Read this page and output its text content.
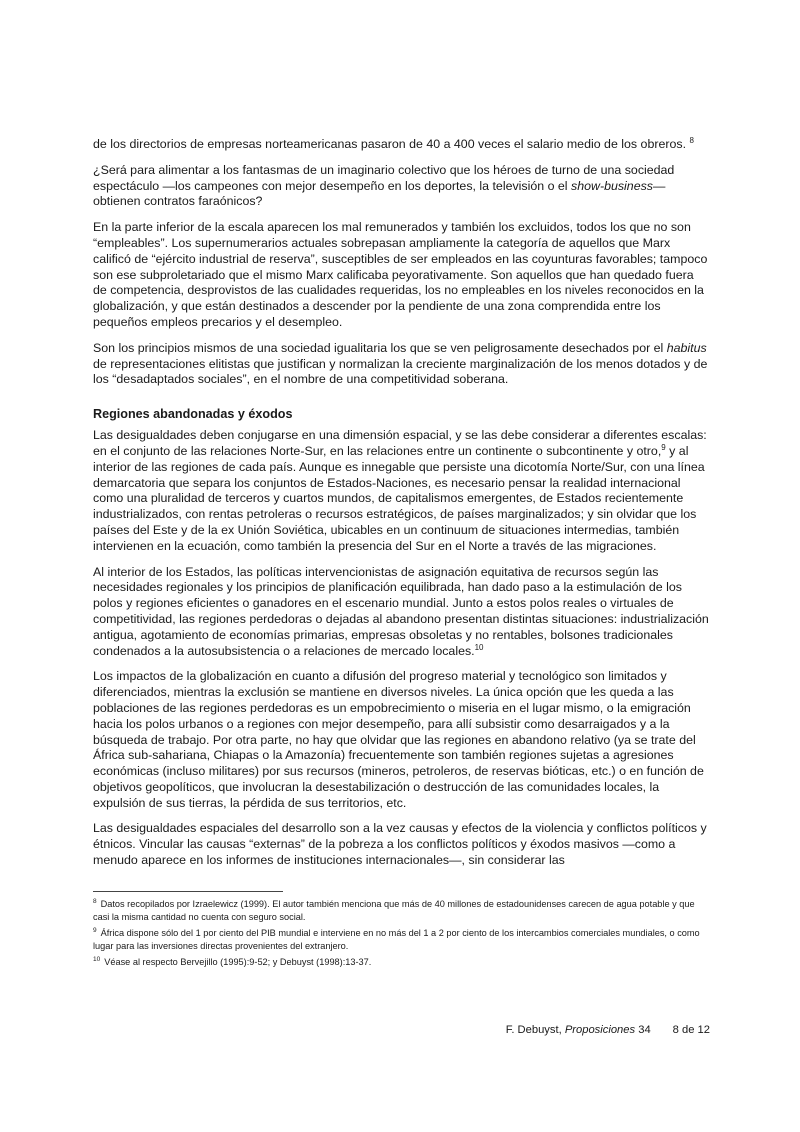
de los directorios de empresas norteamericanas pasaron de 40 a 400 veces el salario medio de los obreros. $^8$

¿Será para alimentar a los fantasmas de un imaginario colectivo que los héroes de turno de una sociedad espectáculo —los campeones con mejor desempeño en los deportes, la televisión o el show-business— obtienen contratos faraónicos?

En la parte inferior de la escala aparecen los mal remunerados y también los excluidos, todos los que no son “empleables”. Los supernumerarios actuales sobrepasan ampliamente la categoría de aquellos que Marx calificó de “ejército industrial de reserva”, susceptibles de ser empleados en las coyunturas favorables; tampoco son ese subproletariado que el mismo Marx calificaba peyorativamente. Son aquellos que han quedado fuera de competencia, desprovistos de las cualidades requeridas, los no empleables en los niveles reconocidos en la globalización, y que están destinados a descender por la pendiente de una zona comprendida entre los pequeños empleos precarios y el desempleo.

Son los principios mismos de una sociedad igualitaria los que se ven peligrosamente desechados por el habitus de representaciones elitistas que justifican y normalizan la creciente marginalización de los menos dotados y de los “desadaptados sociales”, en el nombre de una competitividad soberana.

Regiones abandonadas y éxodos

Las desigualdades deben conjugarse en una dimensión espacial, y se las debe considerar a diferentes escalas: en el conjunto de las relaciones Norte-Sur, en las relaciones entre un continente o subcontinente y otro,$^9$ y al interior de las regiones de cada país. Aunque es innegable que persiste una dicotomía Norte/Sur, con una línea demarcatoria que separa los conjuntos de Estados-Naciones, es necesario pensar la realidad internacional como una pluralidad de terceros y cuartos mundos, de capitalismos emergentes, de Estados recientemente industrializados, con rentas petroleras o recursos estratégicos, de países marginalizados; y sin olvidar que los países del Este y de la ex Unión Soviética, ubicables en un continuum de situaciones intermedias, también intervienen en la ecuación, como también la presencia del Sur en el Norte a través de las migraciones.

Al interior de los Estados, las políticas intervencionistas de asignación equitativa de recursos según las necesidades regionales y los principios de planificación equilibrada, han dado paso a la estimulación de los polos y regiones eficientes o ganadores en el escenario mundial. Junto a estos polos reales o virtuales de competitividad, las regiones perdedoras o dejadas al abandono presentan distintas situaciones: industrialización antigua, agotamiento de economías primarias, empresas obsoletas y no rentables, bolsones tradicionales condenados a la autosubsistencia o a relaciones de mercado locales.$^{10}$

Los impactos de la globalización en cuanto a difusión del progreso material y tecnológico son limitados y diferenciados, mientras la exclusión se mantiene en diversos niveles. La única opción que les queda a las poblaciones de las regiones perdedoras es un empobrecimiento o miseria en el lugar mismo, o la emigración hacia los polos urbanos o a regiones con mejor desempeño, para allí subsistir como desarraigados y a la búsqueda de trabajo. Por otra parte, no hay que olvidar que las regiones en abandono relativo (ya se trate del África sub-sahariana, Chiapas o la Amazonía) frecuentemente son también regiones sujetas a agresiones económicas (incluso militares) por sus recursos (mineros, petroleros, de reservas bióticas, etc.) o en función de objetivos geopolíticos, que involucran la desestabilización o destrucción de las comunidades locales, la expulsión de sus tierras, la pérdida de sus territorios, etc.

Las desigualdades espaciales del desarrollo son a la vez causas y efectos de la violencia y conflictos políticos y étnicos. Vincular las causas “externas” de la pobreza a los conflictos políticos y éxodos masivos —como a menudo aparece en los informes de instituciones internacionales—, sin considerar las

$^8$ Datos recopilados por Izraelewicz (1999). El autor también menciona que más de 40 millones de estadounidenses carecen de agua potable y que casi la misma cantidad no cuenta con seguro social.

$^9$ África dispone sólo del 1 por ciento del PIB mundial e interviene en no más del 1 a 2 por ciento de los intercambios comerciales mundiales, o como lugar para las inversiones directas provenientes del extranjero.

$^{10}$ Véase al respecto Bervejillo (1995):9-52; y Debuyst (1998):13-37.

F. Debuyst, Proposiciones 34 8 de 12
